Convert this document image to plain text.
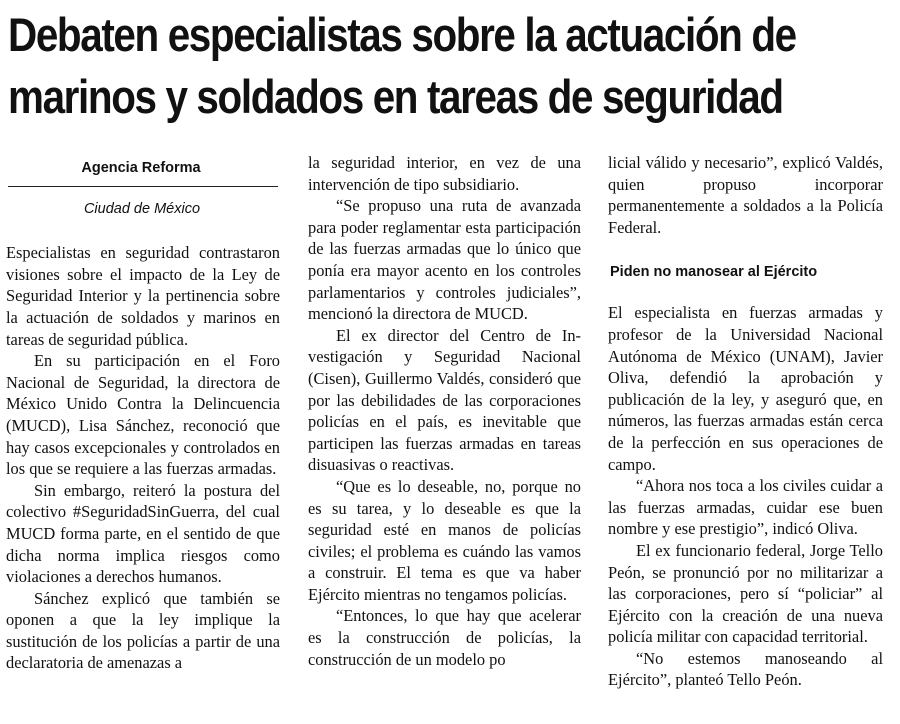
Debaten especialistas sobre la actuación de
marinos y soldados en tareas de seguridad
Agencia Reforma
Ciudad de México

Especialistas en seguridad contrastaron visiones sobre el impacto de la Ley de Seguridad Interior y la pertinencia sobre la actuación de soldados y marinos en tareas de seguridad pública.

En su participación en el Foro Nacional de Seguridad, la directora de México Unido Contra la Delincuencia (MUCD), Lisa Sánchez, reconoció que hay casos excepcionales y controlados en los que se requiere a las fuerzas armadas.

Sin embargo, reiteró la postura del colectivo #SeguridadSinGuerra, del cual MUCD forma parte, en el sentido de que dicha norma implica riesgos como violaciones a derechos humanos.

Sánchez explicó que también se oponen a que la ley implique la sustitución de los policías a partir de una declaratoria de amenazas a

la seguridad interior, en vez de una intervención de tipo subsidiario.

“Se propuso una ruta de avanzada para poder reglamentar esta participación de las fuerzas armadas que lo único que ponía era mayor acento en los controles parlamentarios y controles judiciales”, mencionó la directora de MUCD.

El ex director del Centro de Investigación y Seguridad Nacional (Cisen), Guillermo Valdés, consideró que por las debilidades de las corporaciones policías en el país, es inevitable que participen las fuerzas armadas en tareas disuasivas o reactivas.

“Que es lo deseable, no, porque no es su tarea, y lo deseable es que la seguridad esté en manos de policías civiles; el problema es cuándo las vamos a construir. El tema es que va haber Ejército mientras no tengamos policías.

“Entonces, lo que hay que acelerar es la construcción de policías, la construcción de un modelo po

licial válido y necesario”, explicó Valdés, quien propuso incorporar permanentemente a soldados a la Policía Federal.

Piden no manosear al Ejército

El especialista en fuerzas armadas y profesor de la Universidad Nacional Autónoma de México (UNAM), Javier Oliva, defendió la aprobación y publicación de la ley, y aseguró que, en números, las fuerzas armadas están cerca de la perfección en sus operaciones de campo.

“Ahora nos toca a los civiles cuidar a las fuerzas armadas, cuidar ese buen nombre y ese prestigio”, indicó Oliva.

El ex funcionario federal, Jorge Tello Peón, se pronunció por no militarizar a las corporaciones, pero sí “policiar” al Ejército con la creación de una nueva policía militar con capacidad territorial.

“No estemos manoseando al Ejército”, planteó Tello Peón.
